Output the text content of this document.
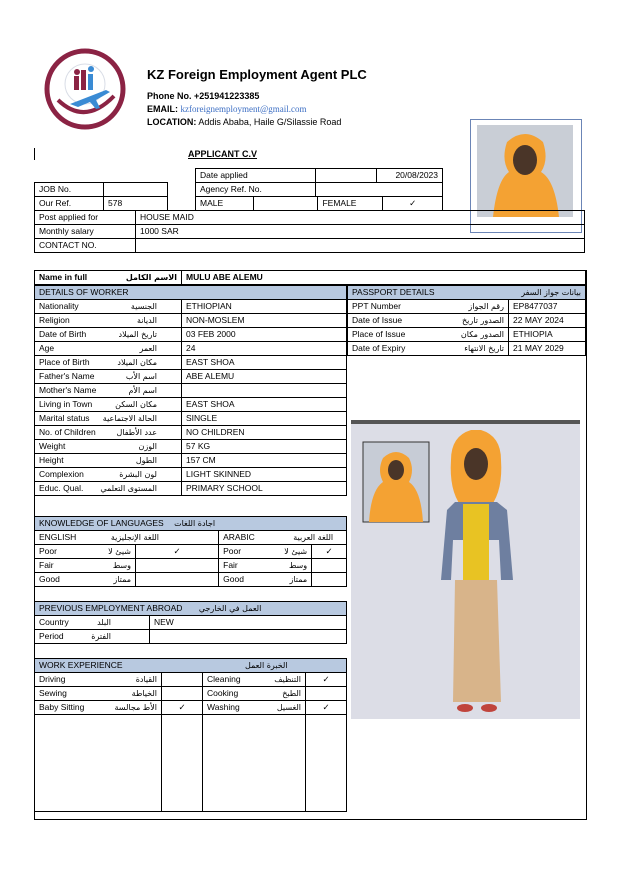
KZ Foreign Employment Agent PLC
Phone No. +251941223385
EMAIL: kzforeignemployment@gmail.com
LOCATION: Addis Ababa, Haile G/Silassie Road
APPLICANT C.V
Date applied		20/08/2023
Agency Ref. No.		
JOB No.	
Our Ref.	578	MALE		FEMALE	✓
Post applied for	HOUSE MAID
Monthly salary	1000 SAR
CONTACT NO.	
Name in full	الاسم الكامل	MULU ABE ALEMU
DETAILS OF WORKER	

Nationality الجنسية	ETHIOPIAN

Religion الديانة	NON-MOSLEM

Date of Birth تاريخ الميلاد	03 FEB 2000

Age العمر	24

Place of Birth مكان الميلاد	EAST SHOA

Father's Name اسم الأب	ABE ALEMU

Mother's Name اسم الأم	

Living in Town مكان السكن	EAST SHOA

Marital status الحالة الاجتماعية	SINGLE

No. of Children عدد الأطفال	NO CHILDREN

Weight الوزن	57 KG

Height الطول	157 CM

Complexion لون البشرة	LIGHT SKINNED

Educ. Qual. المستوى التعلمي	PRIMARY SCHOOL
PASSPORT DETAILS بيانات جواز السفر	

PPT Number رقم الجواز	EP8477037

Date of Issue الصدور تاريخ	22 MAY 2024

Place of Issue الصدور مكان	ETHIOPIA

Date of Expiry تاريخ الانتهاء	21 MAY 2029
KNOWLEDGE OF LANGUAGES اجادة اللغات			

ENGLISH اللغة الإنجليزية		ARABIC اللغة العربية	

Poor شيئ لا	✓	Poor شيئ لا	✓

Fair وسط		Fair وسط	

Good ممتاز		Good ممتاز	

PREVIOUS EMPLOYMENT ABROAD العمل في الخارجي	

Country البلد	NEW

Period الفترة	

WORK EXPERIENCE الخبرة العمل			

Driving القيادة		Cleaning التنظيف	✓

Sewing الخياطة		Cooking الطبخ	

Baby Sitting الأط مجالسة	✓	Washing الغسيل	✓
